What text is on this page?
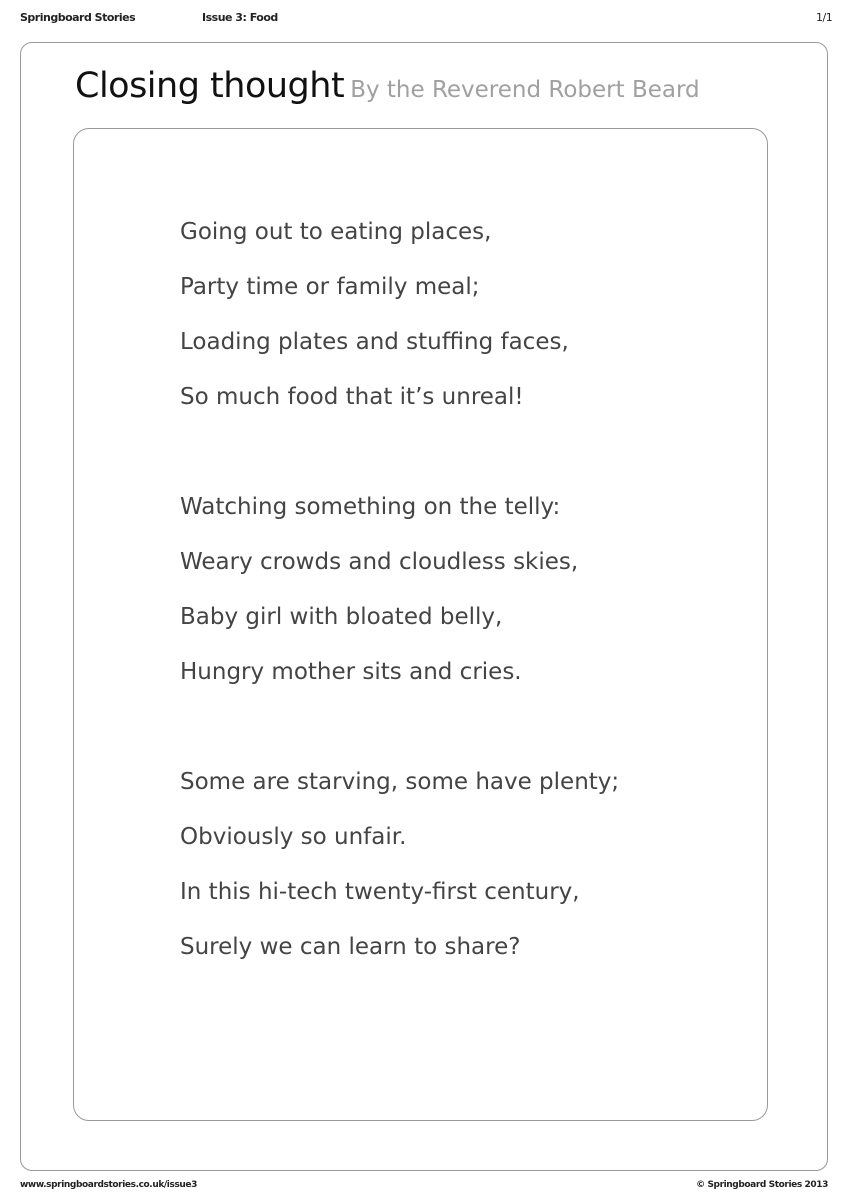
Springboard Stories	Issue 3: Food	1/1
Closing thought By the Reverend Robert Beard
Going out to eating places,
Party time or family meal;
Loading plates and stuffing faces,
So much food that it’s unreal!
Watching something on the telly:
Weary crowds and cloudless skies,
Baby girl with bloated belly,
Hungry mother sits and cries.
Some are starving, some have plenty;
Obviously so unfair.
In this hi-tech twenty-first century,
Surely we can learn to share?
www.springboardstories.co.uk/issue3	© Springboard Stories 2013
